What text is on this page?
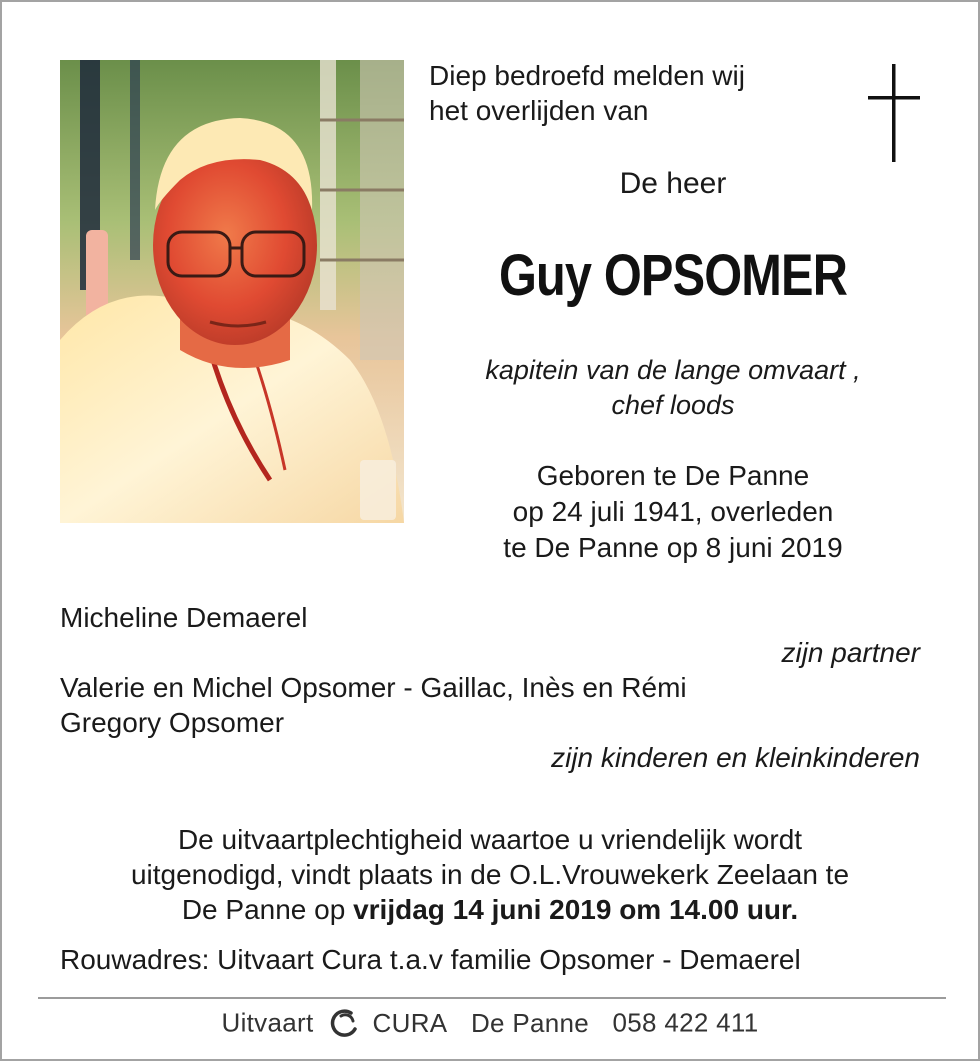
Diep bedroefd melden wij
het overlijden van
De heer
Guy OPSOMER
kapitein van de lange omvaart ,
chef loods
Geboren te De Panne
op 24 juli 1941, overleden
te De Panne op 8 juni 2019
Micheline Demaerel
zijn partner
Valerie en Michel Opsomer - Gaillac, Inès en Rémi
Gregory Opsomer
zijn kinderen en kleinkinderen
De uitvaartplechtigheid waartoe u vriendelijk wordt
uitgenodigd, vindt plaats in de O.L.Vrouwekerk Zeelaan te
De Panne op vrijdag 14 juni 2019 om 14.00 uur.
Rouwadres: Uitvaart Cura t.a.v familie Opsomer - Demaerel
Uitvaart CURA De Panne 058 422 411
